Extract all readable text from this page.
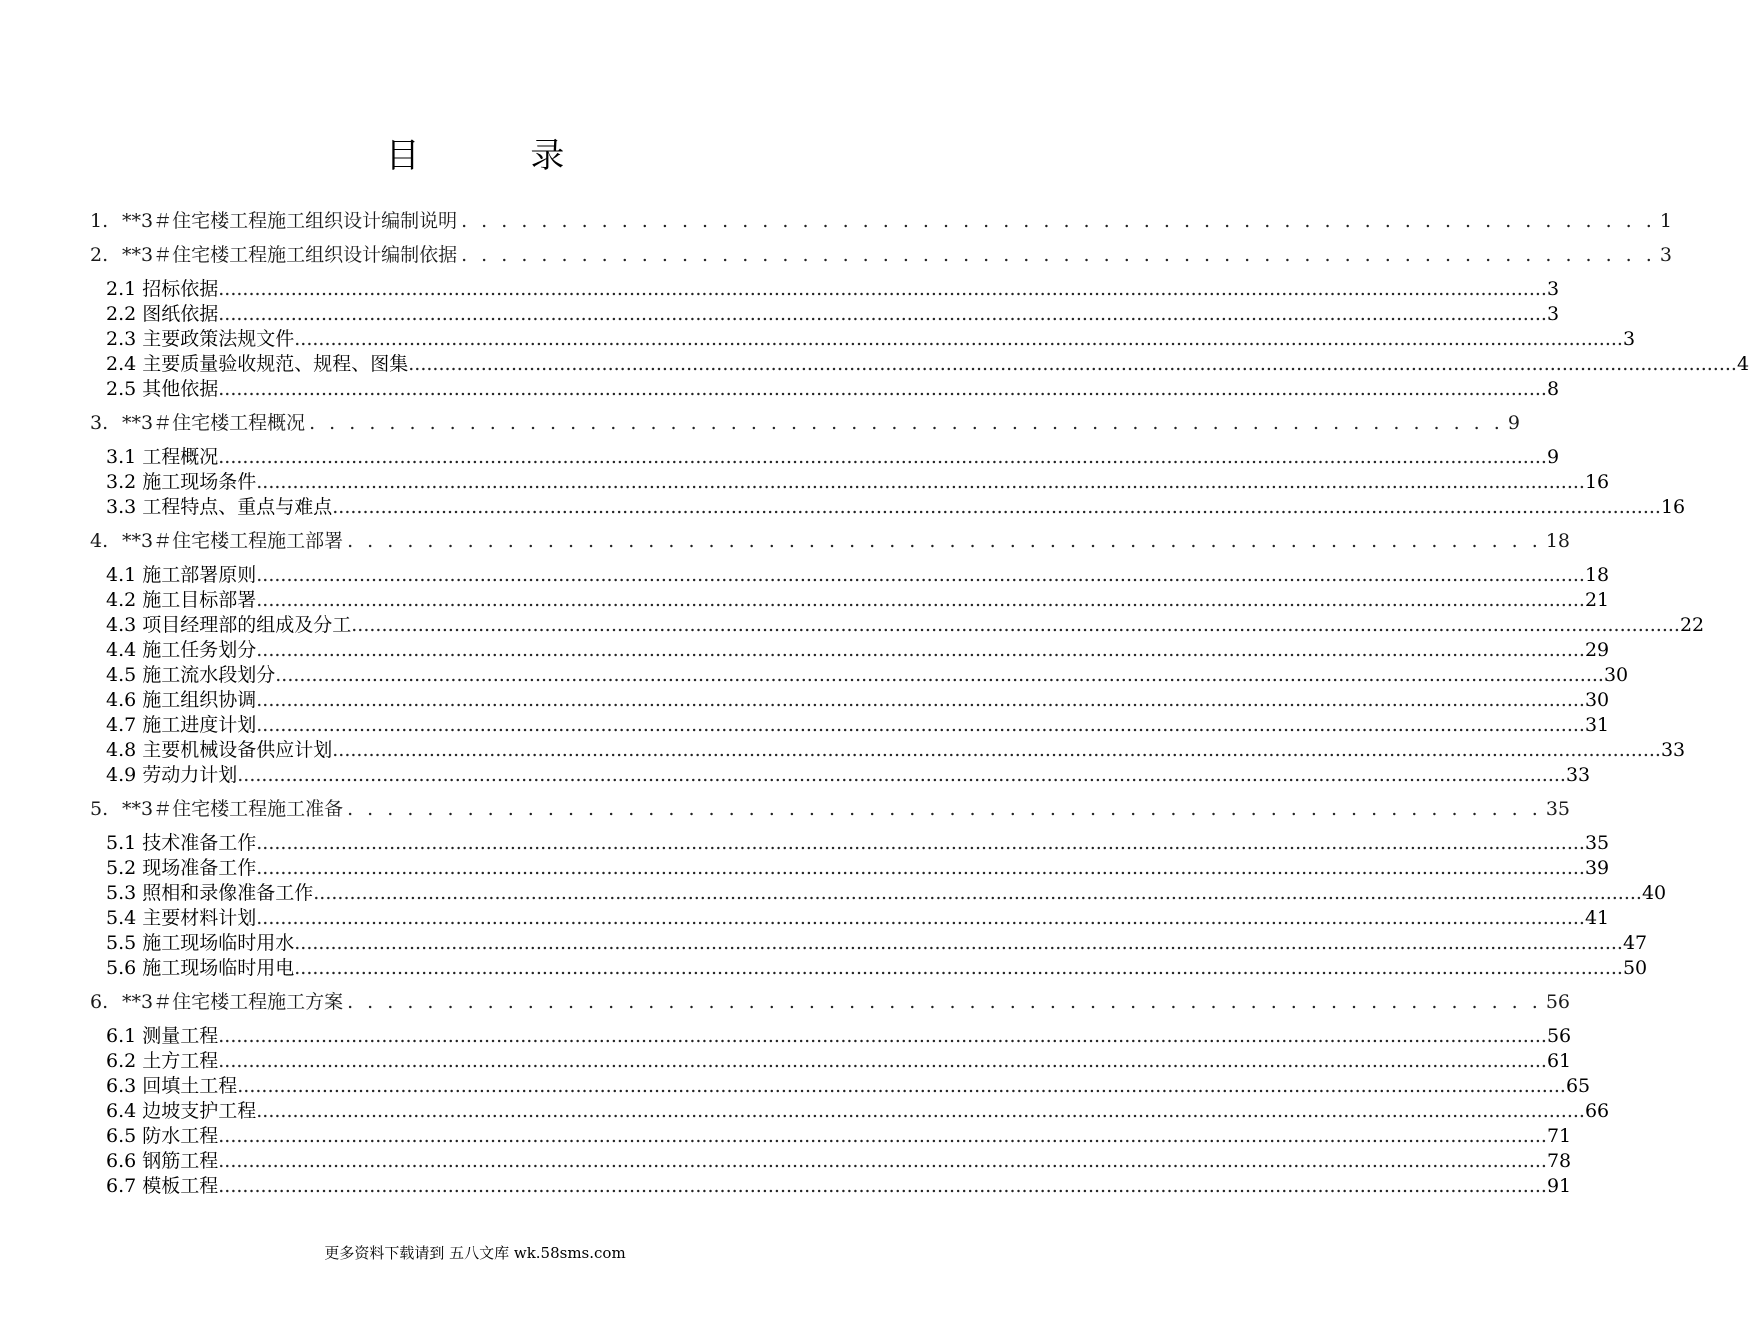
目 录
1. **3＃住宅楼工程施工组织设计编制说明 . . . . . . . . . . . . . . . . . . . . . . . . . . . . . . . . . . . . . . . . . . . . . . . . . . . . . . . . . . . . 1
2. **3＃住宅楼工程施工组织设计编制依据 . . . . . . . . . . . . . . . . . . . . . . . . . . . . . . . . . . . . . . . . . . . . . . . . . . . . . . . . . . . . 3
2.1 招标依据 ............................................................................................................................................................................................................................ 3
2.2 图纸依据 ............................................................................................................................................................................................................................ 3
2.3 主要政策法规文件 ............................................................................................................................................................................................................................ 3
2.4 主要质量验收规范、规程、图集 ............................................................................................................................................................................................................................ 4
2.5 其他依据 ............................................................................................................................................................................................................................ 8
3. **3＃住宅楼工程概况 . . . . . . . . . . . . . . . . . . . . . . . . . . . . . . . . . . . . . . . . . . . . . . . . . . . . . . . . . . . . 9
3.1 工程概况 ............................................................................................................................................................................................................................ 9
3.2 施工现场条件 ............................................................................................................................................................................................................................ 16
3.3 工程特点、重点与难点 ............................................................................................................................................................................................................................ 16
4. **3＃住宅楼工程施工部署 . . . . . . . . . . . . . . . . . . . . . . . . . . . . . . . . . . . . . . . . . . . . . . . . . . . . . . . . . . . . 18
4.1 施工部署原则 ............................................................................................................................................................................................................................ 18
4.2 施工目标部署 ............................................................................................................................................................................................................................ 21
4.3 项目经理部的组成及分工 ............................................................................................................................................................................................................................ 22
4.4 施工任务划分 ............................................................................................................................................................................................................................ 29
4.5 施工流水段划分 ............................................................................................................................................................................................................................ 30
4.6 施工组织协调 ............................................................................................................................................................................................................................ 30
4.7 施工进度计划 ............................................................................................................................................................................................................................ 31
4.8 主要机械设备供应计划 ............................................................................................................................................................................................................................ 33
4.9 劳动力计划 ............................................................................................................................................................................................................................ 33
5. **3＃住宅楼工程施工准备 . . . . . . . . . . . . . . . . . . . . . . . . . . . . . . . . . . . . . . . . . . . . . . . . . . . . . . . . . . . . 35
5.1 技术准备工作 ............................................................................................................................................................................................................................ 35
5.2 现场准备工作 ............................................................................................................................................................................................................................ 39
5.3 照相和录像准备工作 ............................................................................................................................................................................................................................ 40
5.4 主要材料计划 ............................................................................................................................................................................................................................ 41
5.5 施工现场临时用水 ............................................................................................................................................................................................................................ 47
5.6 施工现场临时用电 ............................................................................................................................................................................................................................ 50
6. **3＃住宅楼工程施工方案 . . . . . . . . . . . . . . . . . . . . . . . . . . . . . . . . . . . . . . . . . . . . . . . . . . . . . . . . . . . . 56
6.1 测量工程 ............................................................................................................................................................................................................................ 56
6.2 土方工程 ............................................................................................................................................................................................................................ 61
6.3 回填土工程 ............................................................................................................................................................................................................................ 65
6.4 边坡支护工程 ............................................................................................................................................................................................................................ 66
6.5 防水工程 ............................................................................................................................................................................................................................ 71
6.6 钢筋工程 ............................................................................................................................................................................................................................ 78
6.7 模板工程 ............................................................................................................................................................................................................................ 91
更多资料下载请到 五八文库 wk.58sms.com
